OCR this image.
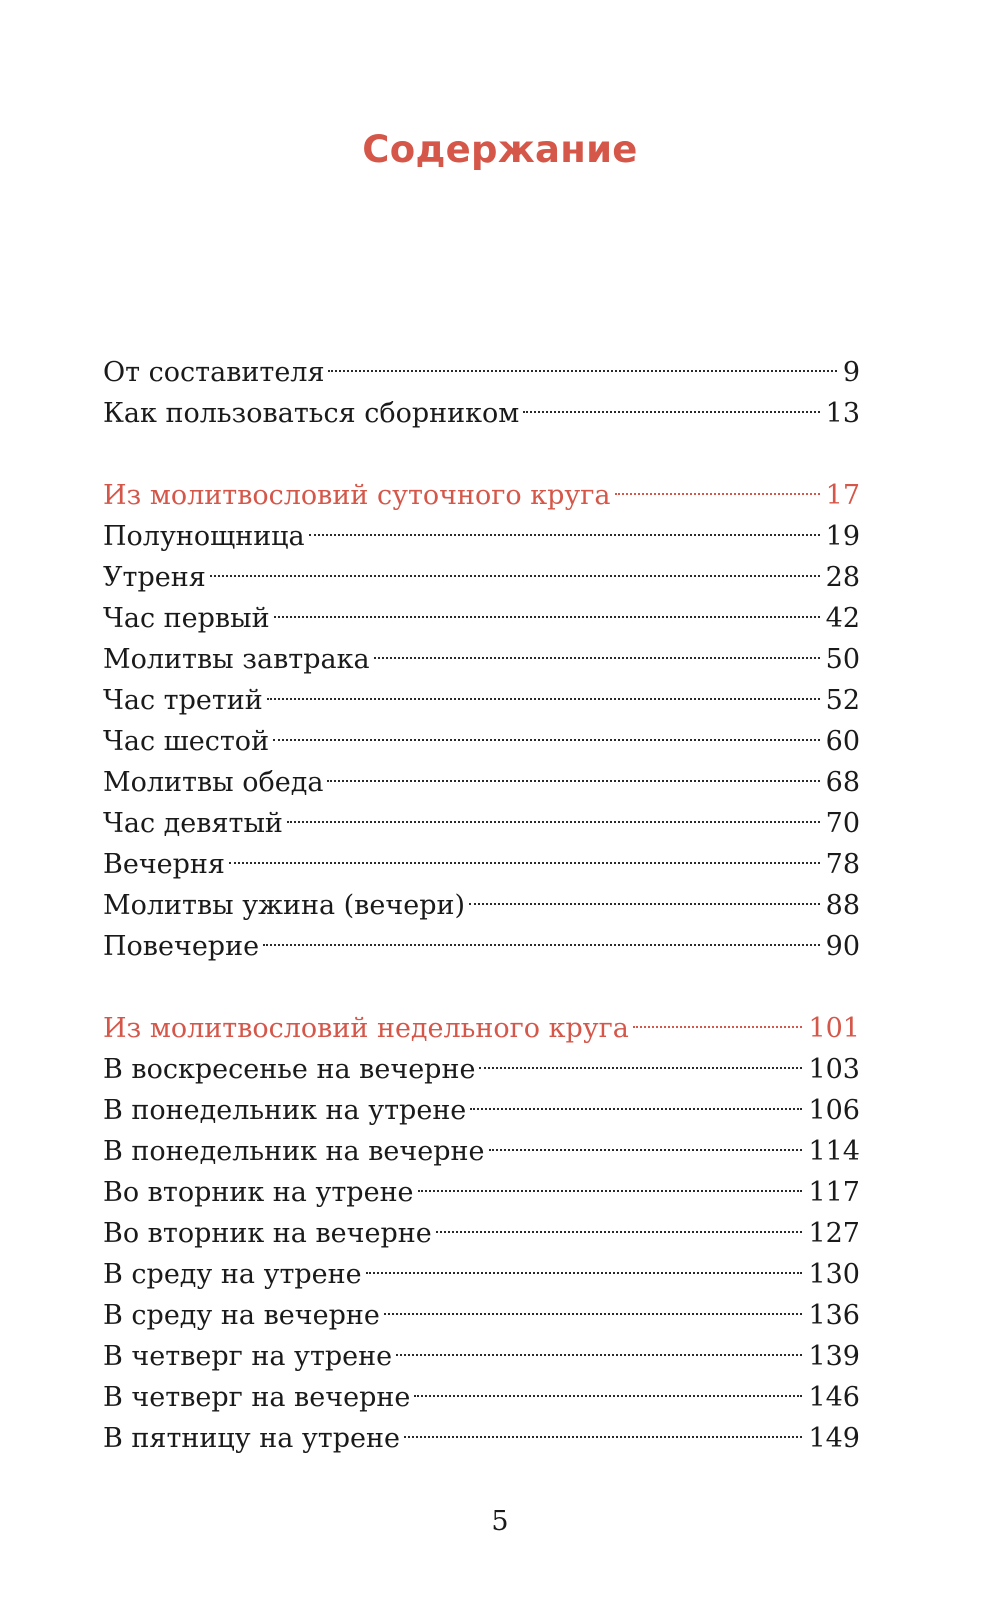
Содержание
От составителя	9
Как пользоваться сборником	13
Из молитвословий суточного круга	17
Полунощница	19
Утреня	28
Час первый	42
Молитвы завтрака	50
Час третий	52
Час шестой	60
Молитвы обеда	68
Час девятый	70
Вечерня	78
Молитвы ужина (вечери)	88
Повечерие	90
Из молитвословий недельного круга	101
В воскресенье на вечерне	103
В понедельник на утрене	106
В понедельник на вечерне	114
Во вторник на утрене	117
Во вторник на вечерне	127
В среду на утрене	130
В среду на вечерне	136
В четверг на утрене	139
В четверг на вечерне	146
В пятницу на утрене	149
5
